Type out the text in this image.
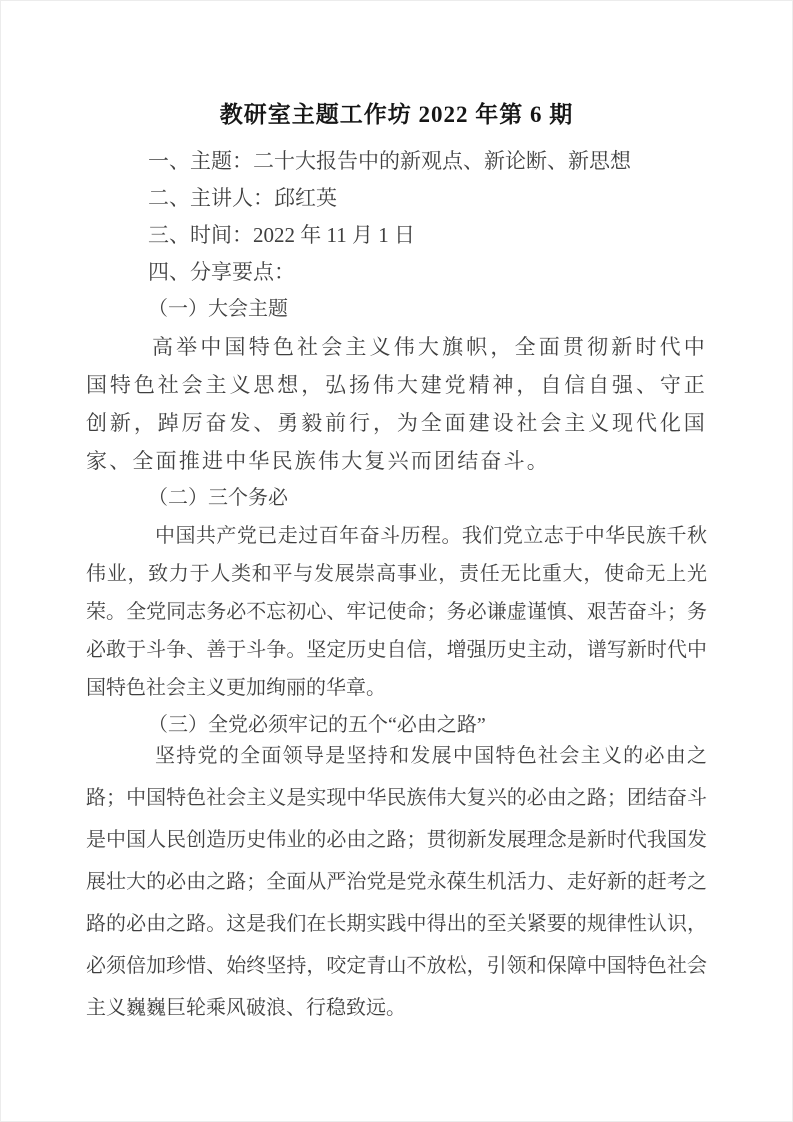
教研室主题工作坊 2022 年第 6 期

一、主题：二十大报告中的新观点、新论断、新思想

二、主讲人：邱红英

三、时间：2022 年 11 月 1 日

四、分享要点：

（一）大会主题

高举中国特色社会主义伟大旗帜，全面贯彻新时代中国特色社会主义思想，弘扬伟大建党精神，自信自强、守正创新，踔厉奋发、勇毅前行，为全面建设社会主义现代化国家、全面推进中华民族伟大复兴而团结奋斗。

（二）三个务必

中国共产党已走过百年奋斗历程。我们党立志于中华民族千秋伟业，致力于人类和平与发展崇高事业，责任无比重大，使命无上光荣。全党同志务必不忘初心、牢记使命；务必谦虚谨慎、艰苦奋斗；务必敢于斗争、善于斗争。坚定历史自信，增强历史主动，谱写新时代中国特色社会主义更加绚丽的华章。

（三）全党必须牢记的五个“必由之路”

坚持党的全面领导是坚持和发展中国特色社会主义的必由之路；中国特色社会主义是实现中华民族伟大复兴的必由之路；团结奋斗是中国人民创造历史伟业的必由之路；贯彻新发展理念是新时代我国发展壮大的必由之路；全面从严治党是党永葆生机活力、走好新的赶考之路的必由之路。这是我们在长期实践中得出的至关紧要的规律性认识，必须倍加珍惜、始终坚持，咬定青山不放松，引领和保障中国特色社会主义巍巍巨轮乘风破浪、行稳致远。
